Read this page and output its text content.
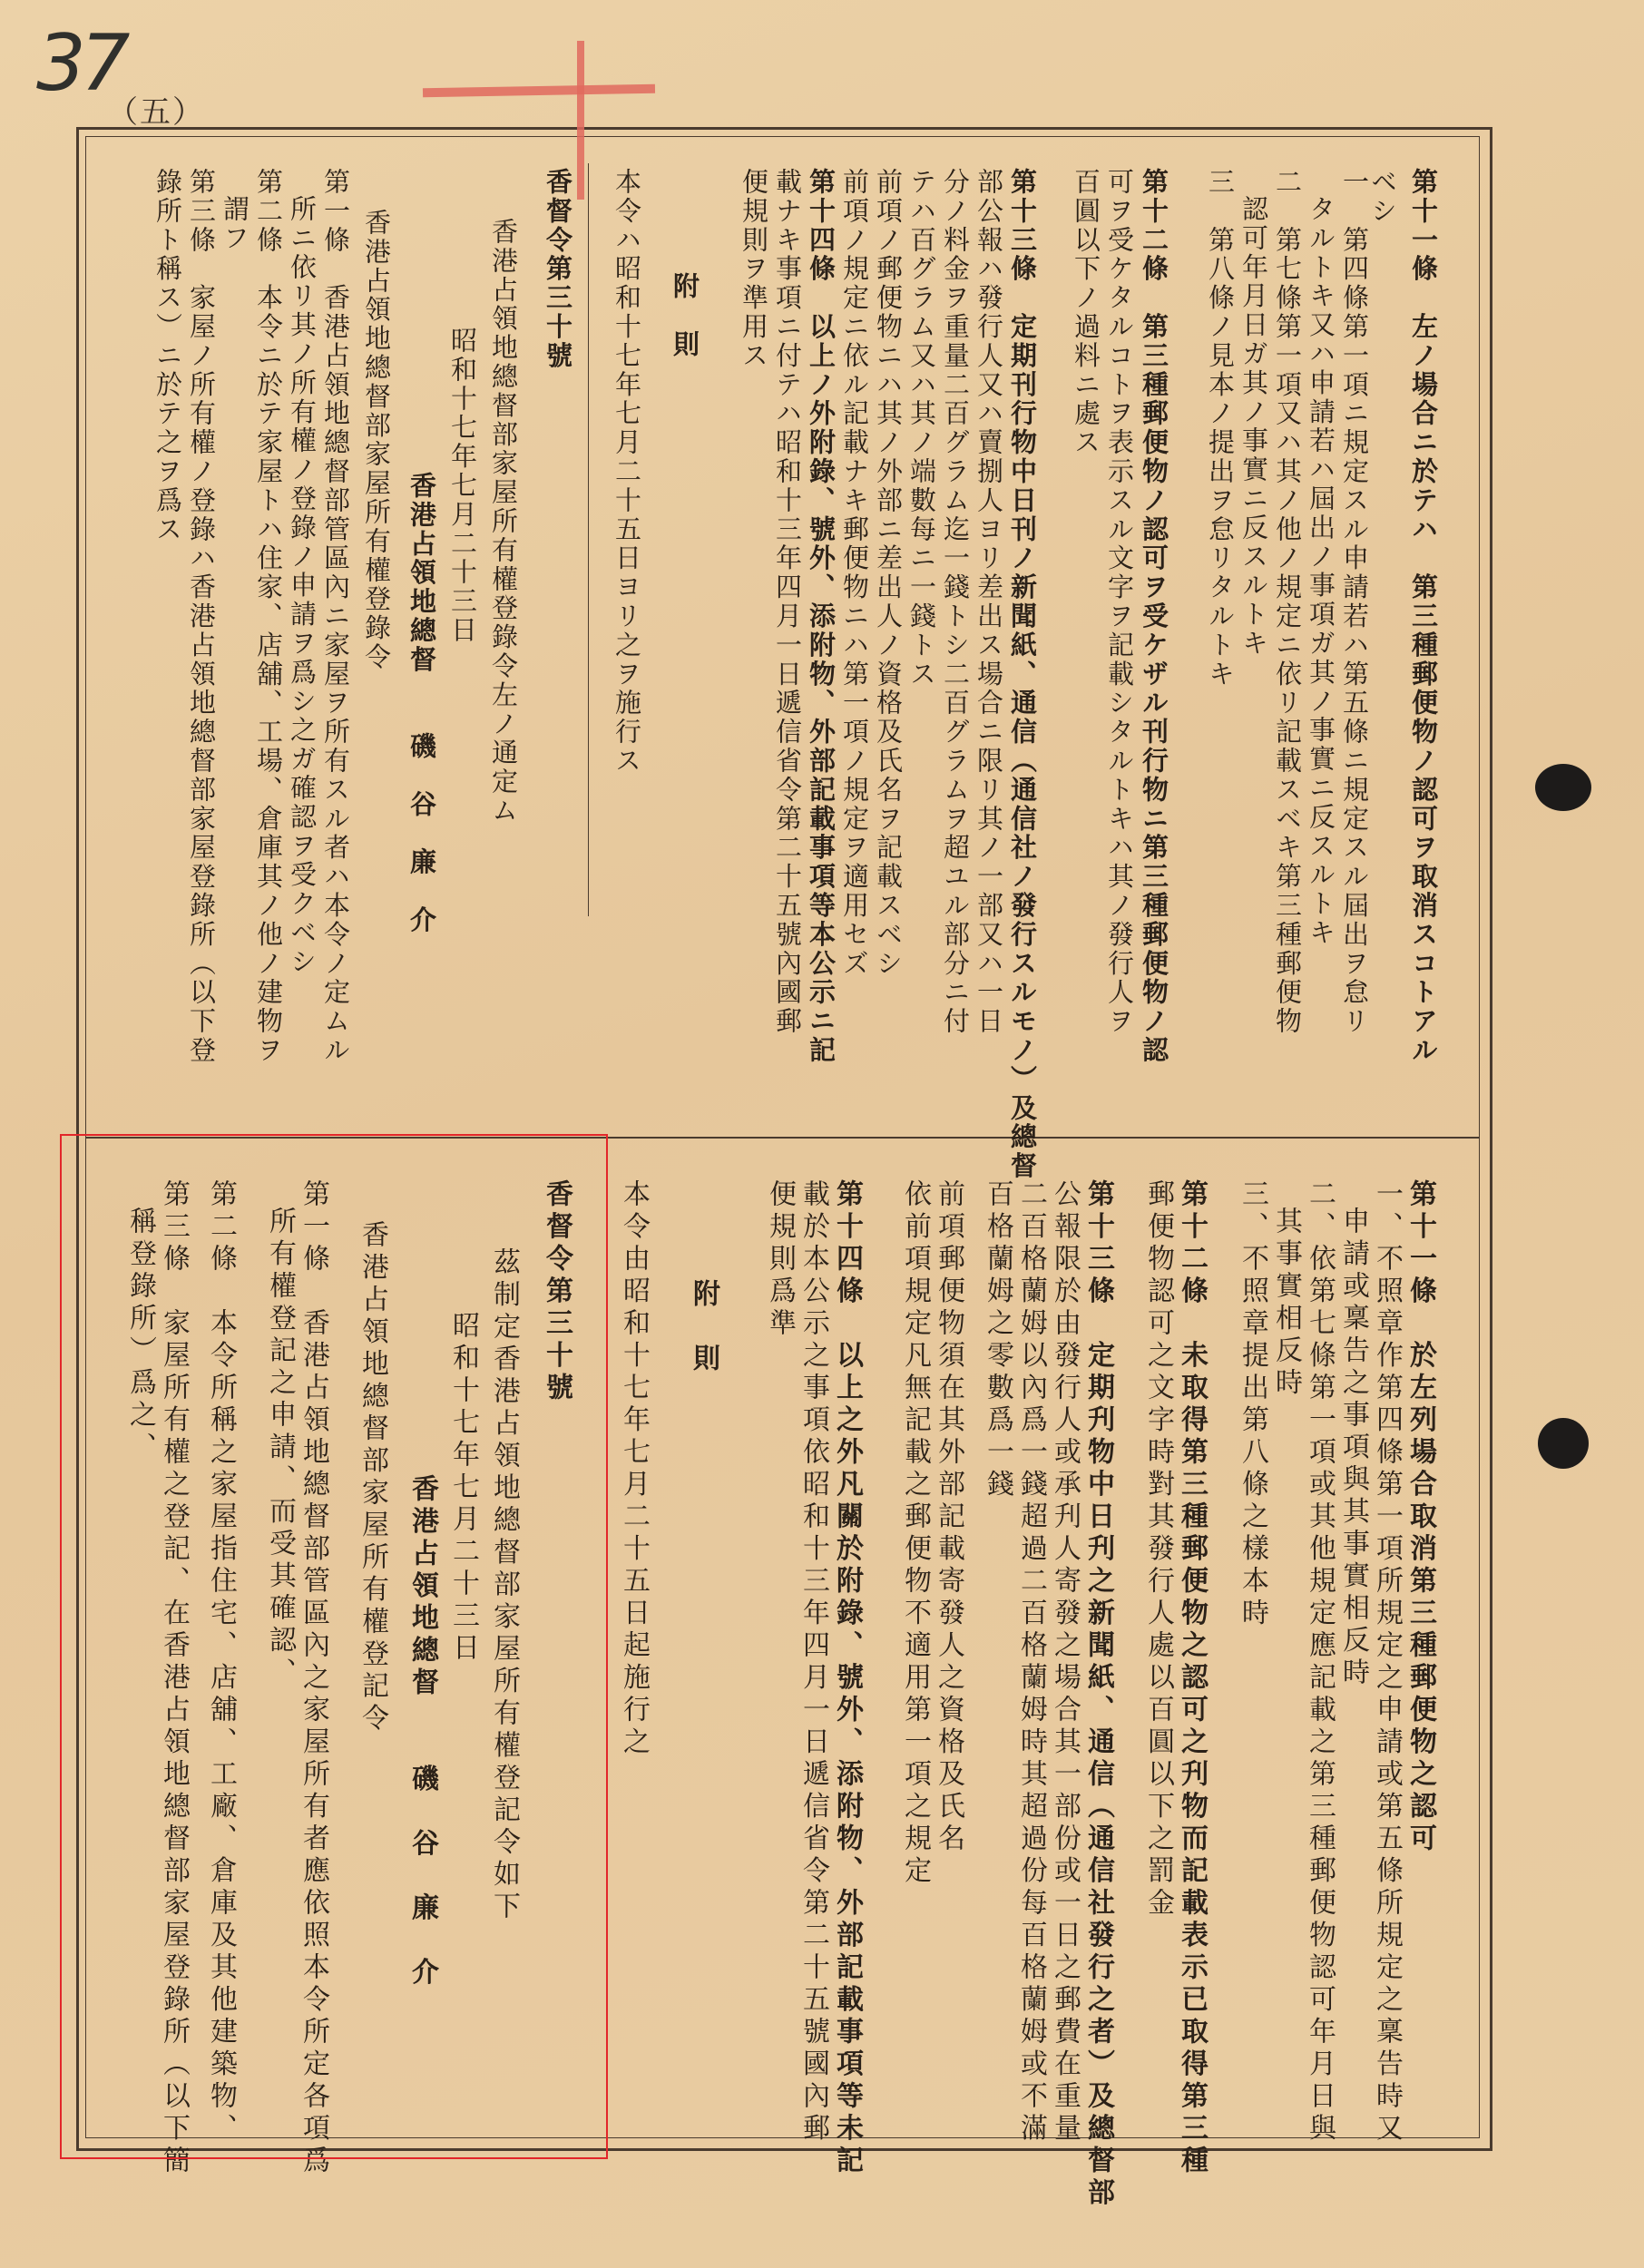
37
（五）
第十一條　左ノ場合ニ於テハ　第三種郵便物ノ認可ヲ取消スコトアル
ベシ
一　第四條第一項ニ規定スル申請若ハ第五條ニ規定スル屆出ヲ怠リ
タルトキ又ハ申請若ハ屆出ノ事項ガ其ノ事實ニ反スルトキ
二　第七條第一項又ハ其ノ他ノ規定ニ依リ記載スベキ第三種郵便物
認可年月日ガ其ノ事實ニ反スルトキ
三　第八條ノ見本ノ提出ヲ怠リタルトキ
第十二條　第三種郵便物ノ認可ヲ受ケザル刊行物ニ第三種郵便物ノ認
可ヲ受ケタルコトヲ表示スル文字ヲ記載シタルトキハ其ノ發行人ヲ
百圓以下ノ過料ニ處ス
第十三條　定期刊行物中日刊ノ新聞紙、通信（通信社ノ發行スルモノ）及總督
部公報ハ發行人又ハ賣捌人ヨリ差出ス場合ニ限リ其ノ一部又ハ一日
分ノ料金ヲ重量二百グラム迄一錢トシ二百グラムヲ超ユル部分ニ付
テハ百グラム又ハ其ノ端數每ニ一錢トス
前項ノ郵便物ニハ其ノ外部ニ差出人ノ資格及氏名ヲ記載スベシ
前項ノ規定ニ依ル記載ナキ郵便物ニハ第一項ノ規定ヲ適用セズ
第十四條　以上ノ外附錄、號外、添附物、外部記載事項等本公示ニ記
載ナキ事項ニ付テハ昭和十三年四月一日遞信省令第二十五號內國郵
便規則ヲ準用ス
附　則
本令ハ昭和十七年七月二十五日ヨリ之ヲ施行ス
香督令第三十號
香港占領地總督部家屋所有權登錄令左ノ通定ム
昭和十七年七月二十三日
香港占領地總督　　磯　谷　廉　介
香港占領地總督部家屋所有權登錄令
第一條　香港占領地總督部管區內ニ家屋ヲ所有スル者ハ本令ノ定ムル
所ニ依リ其ノ所有權ノ登錄ノ申請ヲ爲シ之ガ確認ヲ受クベシ
第二條　本令ニ於テ家屋トハ住家、店舖、工場、倉庫其ノ他ノ建物ヲ
謂フ
第三條　家屋ノ所有權ノ登錄ハ香港占領地總督部家屋登錄所（以下登
錄所ト稱ス）ニ於テ之ヲ爲ス
第十一條　於左列場合取消第三種郵便物之認可
一、不照章作第四條第一項所規定之申請或第五條所規定之稟告時又
申請或稟告之事項與其事實相反時
二、依第七條第一項或其他規定應記載之第三種郵便物認可年月日與
其事實相反時
三、不照章提出第八條之樣本時
第十二條　未取得第三種郵便物之認可之刋物而記載表示已取得第三種
郵便物認可之文字時對其發行人處以百圓以下之罰金
第十三條　定期刋物中日刋之新聞紙、通信（通信社發行之者）及總督部
公報限於由發行人或承刋人寄發之場合其一部份或一日之郵費在重量
二百格蘭姆以內爲一錢超過二百格蘭姆時其超過份每百格蘭姆或不滿
百格蘭姆之零數爲一錢
前項郵便物須在其外部記載寄發人之資格及氏名
依前項規定凡無記載之郵便物不適用第一項之規定
第十四條　以上之外凡關於附錄、號外、添附物、外部記載事項等未記
載於本公示之事項依昭和十三年四月一日遞信省令第二十五號國內郵
便規則爲準
附　則
本令由昭和十七年七月二十五日起施行之
香督令第三十號
茲制定香港占領地總督部家屋所有權登記令如下
昭和十七年七月二十三日
香港占領地總督　　磯　谷　廉　介
香港占領地總督部家屋所有權登記令
第一條　香港占領地總督部管區內之家屋所有者應依照本令所定各項爲
所有權登記之申請、而受其確認、
第二條　本令所稱之家屋指住宅、店舖、工廠、倉庫及其他建築物、
第三條　家屋所有權之登記、在香港占領地總督部家屋登錄所（以下簡
稱登錄所）爲之、
